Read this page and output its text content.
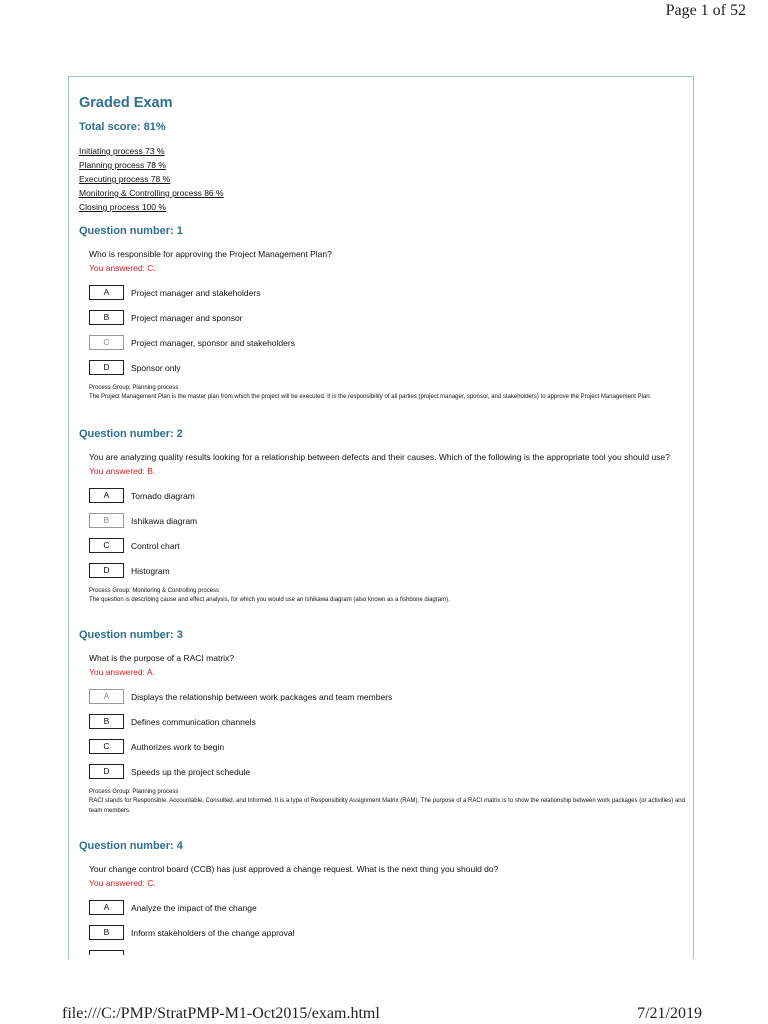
Page 1 of 52
Graded Exam
Total score: 81%
Initiating process 73 %
Planning process 78 %
Executing process 78 %
Monitoring & Controlling process 86 %
Closing process 100 %
Question number: 1
Who is responsible for approving the Project Management Plan?
You answered: C.
A	Project manager and stakeholders
B	Project manager and sponsor
C	Project manager, sponsor and stakeholders
D	Sponsor only
Process Group: Planning process
The Project Management Plan is the master plan from which the project will be executed. It is the responsibility of all parties (project manager, sponsor, and stakeholders) to approve the Project Management Plan.
Question number: 2
You are analyzing quality results looking for a relationship between defects and their causes. Which of the following is the appropriate tool you should use?
You answered: B.
A	Tornado diagram
B	Ishikawa diagram
C	Control chart
D	Histogram
Process Group: Monitoring & Controlling process
The question is describing cause and effect analysis, for which you would use an Ishikawa diagram (also known as a fishbone diagram).
Question number: 3
What is the purpose of a RACI matrix?
You answered: A.
A	Displays the relationship between work packages and team members
B	Defines communication channels
C	Authorizes work to begin
D	Speeds up the project schedule
Process Group: Planning process
RACI stands for Responsible, Accountable, Consulted, and Informed. It is a type of Responsibility Assignment Matrix (RAM). The purpose of a RACI matrix is to show the relationship between work packages (or activities) and team members.
Question number: 4
Your change control board (CCB) has just approved a change request. What is the next thing you should do?
You answered: C.
A	Analyze the impact of the change
B	Inform stakeholders of the change approval
file:///C:/PMP/StratPMP-M1-Oct2015/exam.html	7/21/2019
